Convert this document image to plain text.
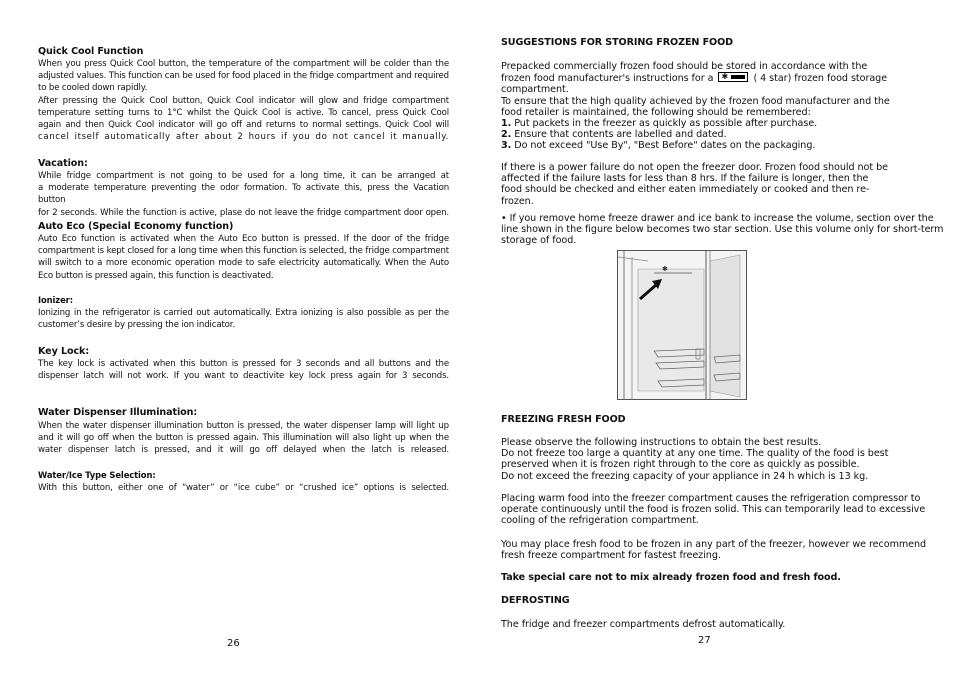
Quick Cool Function
When you press Quick Cool button, the temperature of the compartment will be colder than the
adjusted values. This function can be used for food placed in the fridge compartment and required
to be cooled down rapidly.
After pressing the Quick Cool button, Quick Cool indicator will glow and fridge compartment
temperature setting turns to 1°C whilst the Quick Cool is active. To cancel, press Quick Cool
again and then Quick Cool indicator will go off and returns to normal settings. Quick Cool will
cancel itself automatically after about 2 hours if you do not cancel it manually.
Vacation:
While fridge compartment is not going to be used for a long time, it can be arranged at
a moderate temperature preventing the odor formation. To activate this, press the Vacation button
for 2 seconds. While the function is active, plase do not leave the fridge compartment door open.
Auto Eco (Special Economy function)
Auto Eco function is activated when the Auto Eco button is pressed. If the door of the fridge
compartment is kept closed for a long time when this function is selected, the fridge compartment
will switch to a more economic operation mode to safe electricity automatically. When the Auto
Eco button is pressed again, this function is deactivated.
Ionizer:
Ionizing in the refrigerator is carried out automatically. Extra ionizing is also possible as per the
customer’s desire by pressing the ion indicator.
Key Lock:
The key lock is activated when this button is pressed for 3 seconds and all buttons and the
dispenser latch will not work. If you want to deactivite key lock press again for 3 seconds.
Water Dispenser Illumination:
When the water dispenser illumination button is pressed, the water dispenser lamp will light up
and it will go off when the button is pressed again. This illumination will also light up when the
water dispenser latch is pressed, and it will go off delayed when the latch is released.
Water/Ice Type Selection:
With this button, either one of “water” or “ice cube” or “crushed ice” options is selected.
26
SUGGESTIONS FOR STORING FROZEN FOOD
Prepacked commercially frozen food should be stored in accordance with the
frozen food manufacturer's instructions for a ✱	( 4 star) frozen food storage
compartment.
To ensure that the high quality achieved by the frozen food manufacturer and the
food retailer is maintained, the following should be remembered:
1. Put packets in the freezer as quickly as possible after purchase.
2. Ensure that contents are labelled and dated.
3. Do not exceed "Use By", "Best Before" dates on the packaging.
If there is a power failure do not open the freezer door. Frozen food should not be
affected if the failure lasts for less than 8 hrs. If the failure is longer, then the
food should be checked and either eaten immediately or cooked and then re-
frozen.
• If you remove home freeze drawer and ice bank to increase the volume, section over the
line shown in the figure below becomes two star section. Use this volume only for short-term
storage of food.
✱
FREEZING FRESH FOOD
Please observe the following instructions to obtain the best results.
Do not freeze too large a quantity at any one time. The quality of the food is best
preserved when it is frozen right through to the core as quickly as possible.
Do not exceed the freezing capacity of your appliance in 24 h which is 13 kg.
Placing warm food into the freezer compartment causes the refrigeration compressor to
operate continuously until the food is frozen solid. This can temporarily lead to excessive
cooling of the refrigeration compartment.
You may place fresh food to be frozen in any part of the freezer, however we recommend
fresh freeze compartment for fastest freezing.
Take special care not to mix already frozen food and fresh food.
DEFROSTING
The fridge and freezer compartments defrost automatically.
27
